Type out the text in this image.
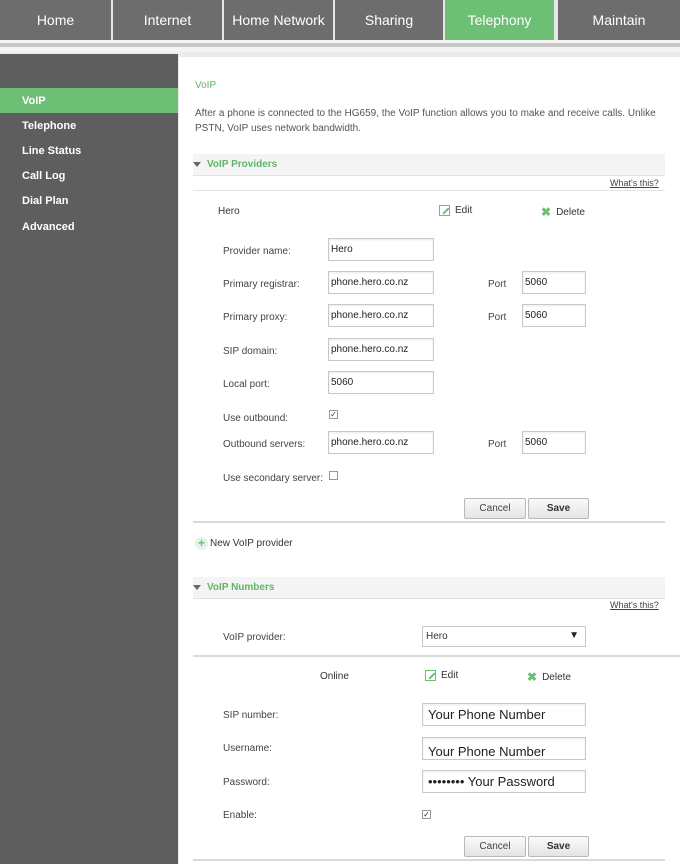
Home	Internet	Home Network	Sharing	Telephony	Maintain
VoIP
Telephone
Line Status
Call Log
Dial Plan
Advanced
VoIP
After a phone is connected to the HG659, the VoIP function allows you to make and receive calls. Unlike PSTN, VoIP uses network bandwidth.
VoIP Providers
What's this?
Hero	Edit	✖ Delete
Provider name:	Hero
Primary registrar:	phone.hero.co.nz	Port	5060
Primary proxy:	phone.hero.co.nz	Port	5060
SIP domain:	phone.hero.co.nz
Local port:	5060
Use outbound:	✓
Outbound servers:	phone.hero.co.nz	Port	5060
Use secondary server:
Cancel	Save
+ New VoIP provider
VoIP Numbers
What's this?
VoIP provider:	Hero	▼
Online	Edit	✖ Delete
SIP number:	Your Phone Number
Username:	Your Phone Number
Password:	•••••••• Your Password
Enable:	✓
Cancel	Save
